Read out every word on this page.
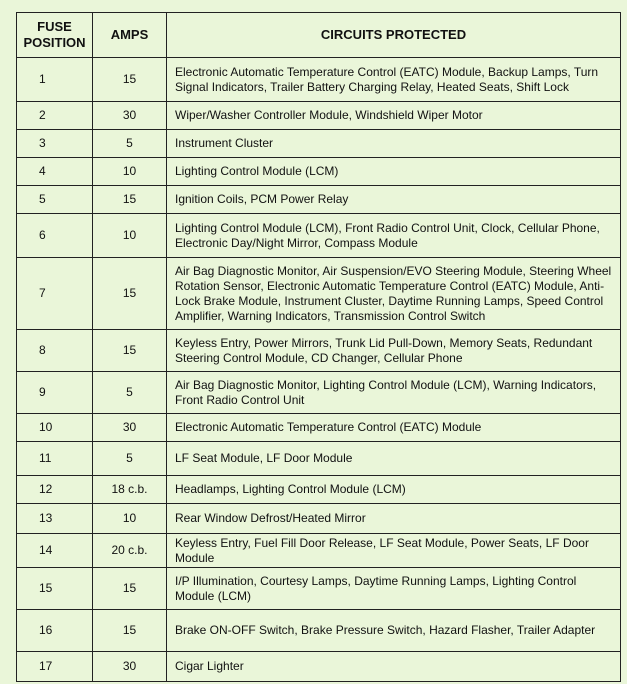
FUSE POSITION	AMPS	CIRCUITS PROTECTED
1	15	Electronic Automatic Temperature Control (EATC) Module, Backup Lamps, Turn Signal Indicators, Trailer Battery Charging Relay, Heated Seats, Shift Lock
2	30	Wiper/Washer Controller Module, Windshield Wiper Motor
3	5	Instrument Cluster
4	10	Lighting Control Module (LCM)
5	15	Ignition Coils, PCM Power Relay
6	10	Lighting Control Module (LCM), Front Radio Control Unit, Clock, Cellular Phone, Electronic Day/Night Mirror, Compass Module
7	15	Air Bag Diagnostic Monitor, Air Suspension/EVO Steering Module, Steering Wheel Rotation Sensor, Electronic Automatic Temperature Control (EATC) Module, Anti-Lock Brake Module, Instrument Cluster, Daytime Running Lamps, Speed Control Amplifier, Warning Indicators, Transmission Control Switch
8	15	Keyless Entry, Power Mirrors, Trunk Lid Pull-Down, Memory Seats, Redundant Steering Control Module, CD Changer, Cellular Phone
9	5	Air Bag Diagnostic Monitor, Lighting Control Module (LCM), Warning Indicators, Front Radio Control Unit
10	30	Electronic Automatic Temperature Control (EATC) Module
11	5	LF Seat Module, LF Door Module
12	18 c.b.	Headlamps, Lighting Control Module (LCM)
13	10	Rear Window Defrost/Heated Mirror
14	20 c.b.	Keyless Entry, Fuel Fill Door Release, LF Seat Module, Power Seats, LF Door Module
15	15	I/P Illumination, Courtesy Lamps, Daytime Running Lamps, Lighting Control Module (LCM)
16	15	Brake ON-OFF Switch, Brake Pressure Switch, Hazard Flasher, Trailer Adapter
17	30	Cigar Lighter
